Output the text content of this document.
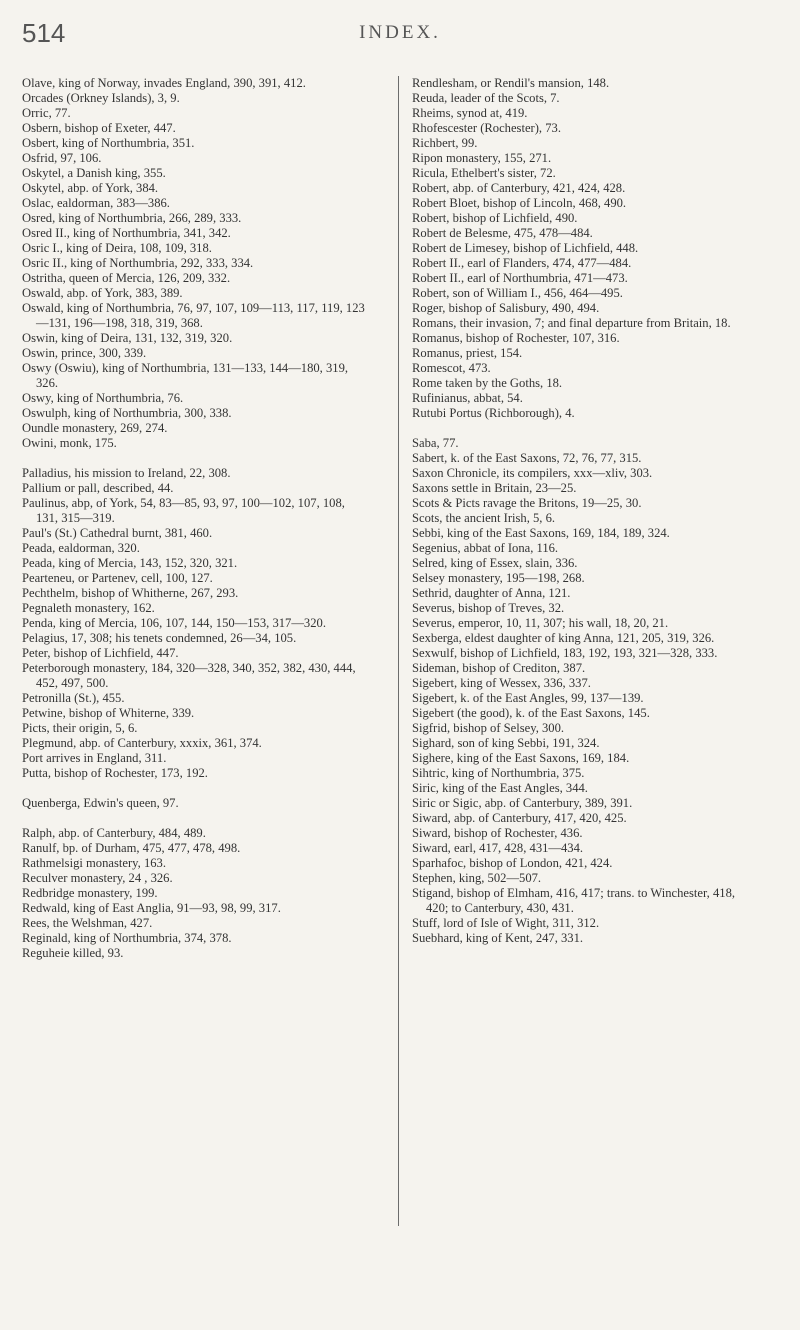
514	INDEX.

Olave, king of Norway, invades England, 390, 391, 412.

Orcades (Orkney Islands), 3, 9.

Orric, 77.

Osbern, bishop of Exeter, 447.

Osbert, king of Northumbria, 351.

Osfrid, 97, 106.

Oskytel, a Danish king, 355.

Oskytel, abp. of York, 384.

Oslac, ealdorman, 383—386.

Osred, king of Northumbria, 266, 289, 333.

Osred II., king of Northumbria, 341, 342.

Osric I., king of Deira, 108, 109, 318.

Osric II., king of Northumbria, 292, 333, 334.

Ostritha, queen of Mercia, 126, 209, 332.

Oswald, abp. of York, 383, 389.

Oswald, king of Northumbria, 76, 97, 107, 109—113, 117, 119, 123—131, 196—198, 318, 319, 368.

Oswin, king of Deira, 131, 132, 319, 320.

Oswin, prince, 300, 339.

Oswy (Oswiu), king of Northumbria, 131—133, 144—180, 319, 326.

Oswy, king of Northumbria, 76.

Oswulph, king of Northumbria, 300, 338.

Oundle monastery, 269, 274.

Owini, monk, 175.

Palladius, his mission to Ireland, 22, 308.

Pallium or pall, described, 44.

Paulinus, abp, of York, 54, 83—85, 93, 97, 100—102, 107, 108, 131, 315—319.

Paul's (St.) Cathedral burnt, 381, 460.

Peada, ealdorman, 320.

Peada, king of Mercia, 143, 152, 320, 321.

Pearteneu, or Partenev, cell, 100, 127.

Pechthelm, bishop of Whitherne, 267, 293.

Pegnaleth monastery, 162.

Penda, king of Mercia, 106, 107, 144, 150—153, 317—320.

Pelagius, 17, 308; his tenets condemned, 26—34, 105.

Peter, bishop of Lichfield, 447.

Peterborough monastery, 184, 320—328, 340, 352, 382, 430, 444, 452, 497, 500.

Petronilla (St.), 455.

Petwine, bishop of Whiterne, 339.

Picts, their origin, 5, 6.

Plegmund, abp. of Canterbury, xxxix, 361, 374.

Port arrives in England, 311.

Putta, bishop of Rochester, 173, 192.

Quenberga, Edwin's queen, 97.

Ralph, abp. of Canterbury, 484, 489.

Ranulf, bp. of Durham, 475, 477, 478, 498.

Rathmelsigi monastery, 163.

Reculver monastery, 24 , 326.

Redbridge monastery, 199.

Redwald, king of East Anglia, 91—93, 98, 99, 317.

Rees, the Welshman, 427.

Reginald, king of Northumbria, 374, 378.

Reguheie killed, 93.

Rendlesham, or Rendil's mansion, 148.

Reuda, leader of the Scots, 7.

Rheims, synod at, 419.

Rhofescester (Rochester), 73.

Richbert, 99.

Ripon monastery, 155, 271.

Ricula, Ethelbert's sister, 72.

Robert, abp. of Canterbury, 421, 424, 428.

Robert Bloet, bishop of Lincoln, 468, 490.

Robert, bishop of Lichfield, 490.

Robert de Belesme, 475, 478—484.

Robert de Limesey, bishop of Lichfield, 448.

Robert II., earl of Flanders, 474, 477—484.

Robert II., earl of Northumbria, 471—473.

Robert, son of William I., 456, 464—495.

Roger, bishop of Salisbury, 490, 494.

Romans, their invasion, 7; and final departure from Britain, 18.

Romanus, bishop of Rochester, 107, 316.

Romanus, priest, 154.

Romescot, 473.

Rome taken by the Goths, 18.

Rufinianus, abbat, 54.

Rutubi Portus (Richborough), 4.

Saba, 77.

Sabert, k. of the East Saxons, 72, 76, 77, 315.

Saxon Chronicle, its compilers, xxx—xliv, 303.

Saxons settle in Britain, 23—25.

Scots & Picts ravage the Britons, 19—25, 30.

Scots, the ancient Irish, 5, 6.

Sebbi, king of the East Saxons, 169, 184, 189, 324.

Segenius, abbat of Iona, 116.

Selred, king of Essex, slain, 336.

Selsey monastery, 195—198, 268.

Sethrid, daughter of Anna, 121.

Severus, bishop of Treves, 32.

Severus, emperor, 10, 11, 307; his wall, 18, 20, 21.

Sexberga, eldest daughter of king Anna, 121, 205, 319, 326.

Sexwulf, bishop of Lichfield, 183, 192, 193, 321—328, 333.

Sideman, bishop of Crediton, 387.

Sigebert, king of Wessex, 336, 337.

Sigebert, k. of the East Angles, 99, 137—139.

Sigebert (the good), k. of the East Saxons, 145.

Sigfrid, bishop of Selsey, 300.

Sighard, son of king Sebbi, 191, 324.

Sighere, king of the East Saxons, 169, 184.

Sihtric, king of Northumbria, 375.

Siric, king of the East Angles, 344.

Siric or Sigic, abp. of Canterbury, 389, 391.

Siward, abp. of Canterbury, 417, 420, 425.

Siward, bishop of Rochester, 436.

Siward, earl, 417, 428, 431—434.

Sparhafoc, bishop of London, 421, 424.

Stephen, king, 502—507.

Stigand, bishop of Elmham, 416, 417; trans. to Winchester, 418, 420; to Canterbury, 430, 431.

Stuff, lord of Isle of Wight, 311, 312.

Suebhard, king of Kent, 247, 331.
